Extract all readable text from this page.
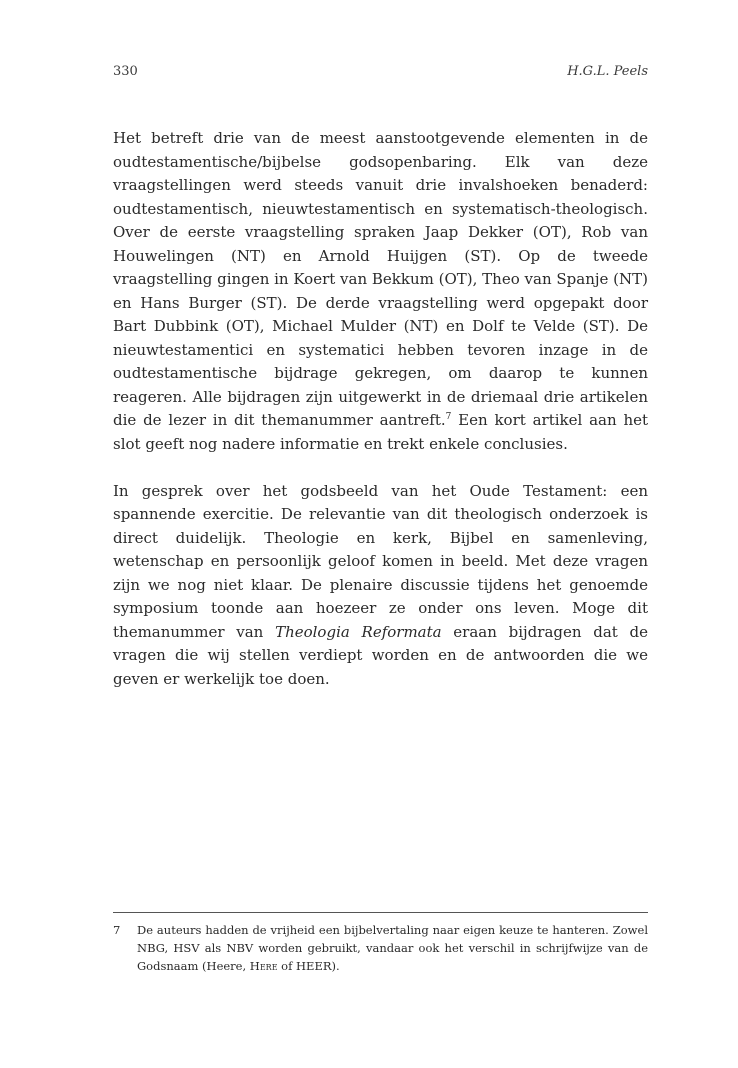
330	H.G.L. Peels

Het betreft drie van de meest aanstootgevende elementen in de oudtestamentische/bijbelse godsopenbaring. Elk van deze vraagstellingen werd steeds vanuit drie invalshoeken benaderd: oudtestamentisch, nieuwtestamentisch en systematisch-theologisch. Over de eerste vraagstelling spraken Jaap Dekker (OT), Rob van Houwelingen (NT) en Arnold Huijgen (ST). Op de tweede vraagstelling gingen in Koert van Bekkum (OT), Theo van Spanje (NT) en Hans Burger (ST). De derde vraagstelling werd opgepakt door Bart Dubbink (OT), Michael Mulder (NT) en Dolf te Velde (ST). De nieuwtestamentici en systematici hebben tevoren inzage in de oudtestamentische bijdrage gekregen, om daarop te kunnen reageren. Alle bijdragen zijn uitgewerkt in de driemaal drie artikelen die de lezer in dit themanummer aantreft.$^7$ Een kort artikel aan het slot geeft nog nadere informatie en trekt enkele conclusies.

In gesprek over het godsbeeld van het Oude Testament: een spannende exercitie. De relevantie van dit theologisch onderzoek is direct duidelijk. Theologie en kerk, Bijbel en samenleving, wetenschap en persoonlijk geloof komen in beeld. Met deze vragen zijn we nog niet klaar. De plenaire discussie tijdens het genoemde symposium toonde aan hoezeer ze onder ons leven. Moge dit themanummer van Theologia Reformata eraan bijdragen dat de vragen die wij stellen verdiept worden en de antwoorden die we geven er werkelijk toe doen.

7	De auteurs hadden de vrijheid een bijbelvertaling naar eigen keuze te hanteren. Zowel NBG, HSV als NBV worden gebruikt, vandaar ook het verschil in schrijfwijze van de Godsnaam (Heere, Here of HEER).
